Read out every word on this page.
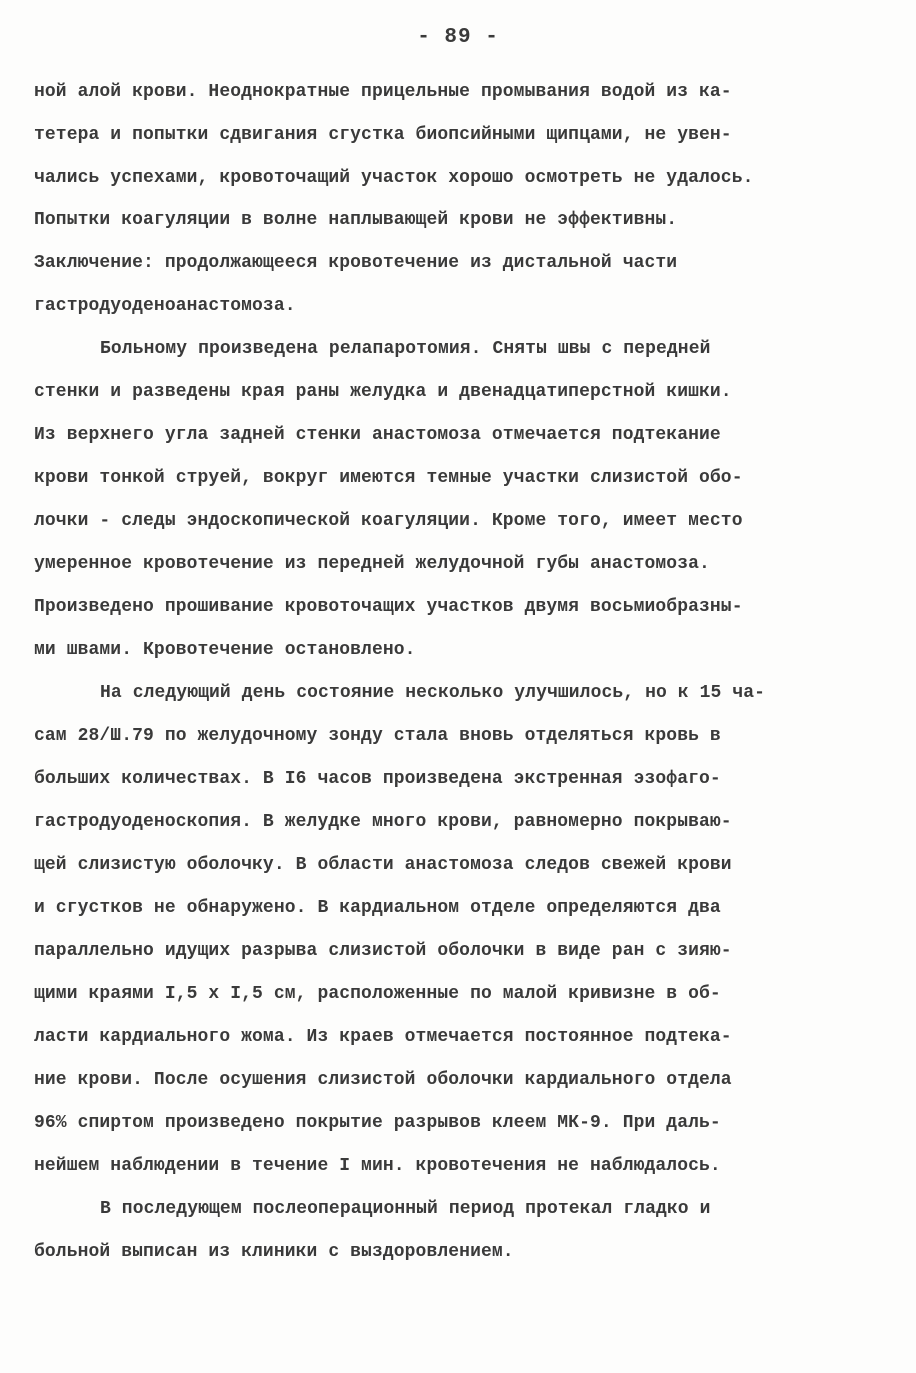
- 89 -
ной алой крови. Неоднократные прицельные промывания водой из ка-
тетера и попытки сдвигания сгустка биопсийными щипцами, не увен-
чались успехами, кровоточащий участок хорошо осмотреть не удалось.
Попытки коагуляции в волне наплывающей крови не эффективны.
Заключение: продолжающееся кровотечение из дистальной части
гастродуоденоанастомоза.
Больному произведена релапаротомия. Сняты швы с передней
стенки и разведены края раны желудка и двенадцатиперстной кишки.
Из верхнего угла задней стенки анастомоза отмечается подтекание
крови тонкой струей, вокруг имеются темные участки слизистой обо-
лочки - следы эндоскопической коагуляции. Кроме того, имеет место
умеренное кровотечение из передней желудочной губы анастомоза.
Произведено прошивание кровоточащих участков двумя восьмиобразны-
ми швами. Кровотечение остановлено.
На следующий день состояние несколько улучшилось, но к 15 ча-
сам 28/Ш.79 по желудочному зонду стала вновь отделяться кровь в
больших количествах. В I6 часов произведена экстренная эзофаго-
гастродуоденоскопия. В желудке много крови, равномерно покрываю-
щей слизистую оболочку. В области анастомоза следов свежей крови
и сгустков не обнаружено. В кардиальном отделе определяются два
параллельно идущих разрыва слизистой оболочки в виде ран с зияю-
щими краями I,5 х I,5 см, расположенные по малой кривизне в об-
ласти кардиального жома. Из краев отмечается постоянное подтека-
ние крови. После осушения слизистой оболочки кардиального отдела
96% спиртом произведено покрытие разрывов клеем МК-9. При даль-
нейшем наблюдении в течение I мин. кровотечения не наблюдалось.
В последующем послеоперационный период протекал гладко и
больной выписан из клиники с выздоровлением.
